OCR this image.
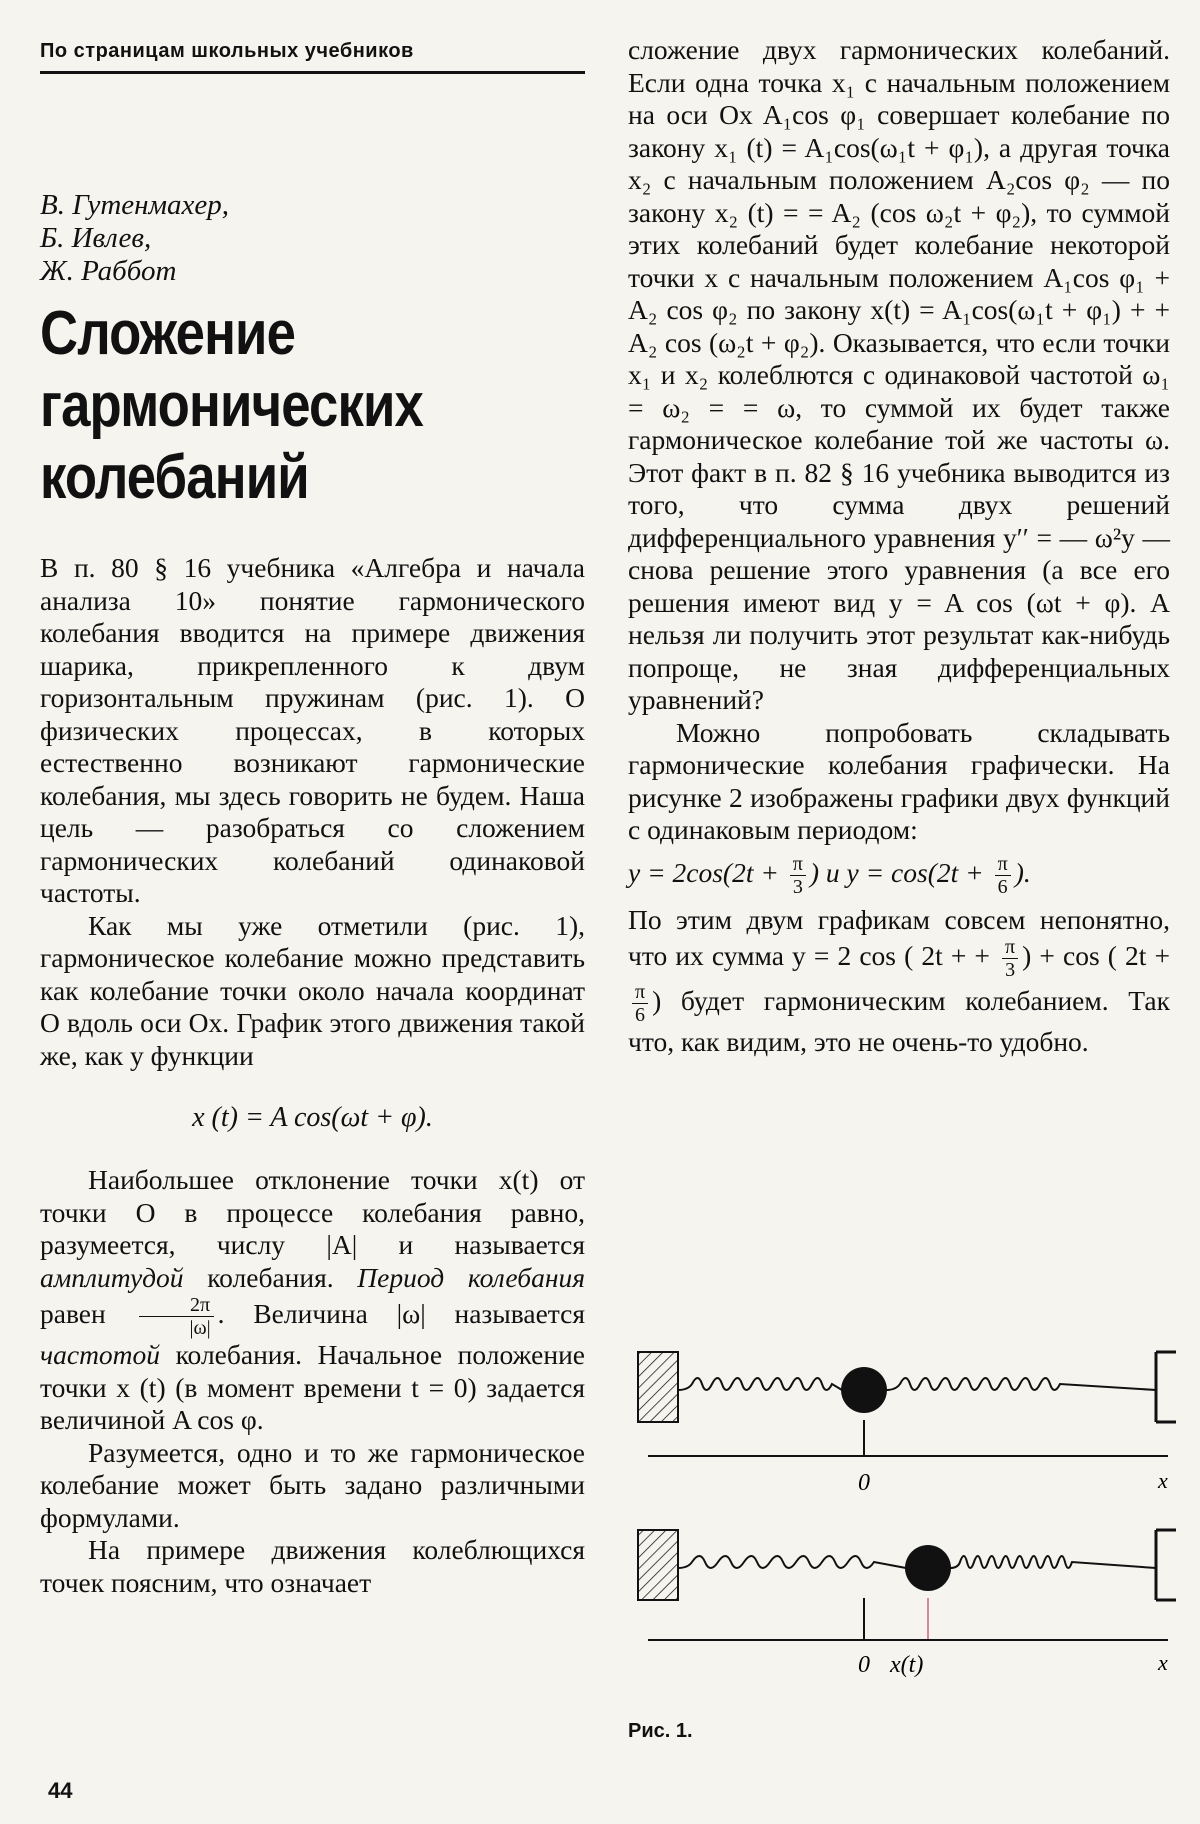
По страницам школьных учебников
В. Гутенмахер,
Б. Ивлев,
Ж. Раббот
Сложение
гармонических
колебаний

В п. 80 § 16 учебника «Алгебра и начала анализа 10» понятие гармонического колебания вводится на примере движения шарика, прикрепленного к двум горизонтальным пружинам (рис. 1). О физических процессах, в которых естественно возникают гармонические колебания, мы здесь говорить не будем. Наша цель — разобраться со сложением гармонических колебаний одинаковой частоты.

Как мы уже отметили (рис. 1), гармоническое колебание можно представить как колебание точки около начала координат O вдоль оси Ox. График этого движения такой же, как у функции

x (t) = A cos(ωt + φ).

Наибольшее отклонение точки x(t) от точки O в процессе колебания равно, разумеется, числу |A| и называется амплитудой колебания. Период колебания равен $\frac{2\pi}{|\omega|}$ . Величина |ω| называется частотой колебания. Начальное положение точки x (t) (в момент времени t = 0) задается величиной A cos φ.

Разумеется, одно и то же гармоническое колебание может быть задано различными формулами.

На примере движения колеблющихся точек поясним, что означает

сложение двух гармонических колебаний. Если одна точка x₁ с начальным положением на оси Ox A₁cos φ₁ совершает колебание по закону x₁ (t) = A₁cos(ω₁t + φ₁), а другая точка x₂ с начальным положением A₂cos φ₂ — по закону x₂ (t) = = A₂ (cos ω₂t + φ₂), то суммой этих колебаний будет колебание некоторой точки x с начальным положением A₁cos φ₁ + A₂ cos φ₂ по закону x(t) = A₁cos(ω₁t + φ₁) + + A₂ cos (ω₂t + φ₂). Оказывается, что если точки x₁ и x₂ колеблются с одинаковой частотой ω₁ = ω₂ = = ω, то суммой их будет также гармоническое колебание той же частоты ω. Этот факт в п. 82 § 16 учебника выводится из того, что сумма двух решений дифференциального уравнения y′′ = — ω²y — снова решение этого уравнения (а все его решения имеют вид y = A cos (ωt + φ). А нельзя ли получить этот результат как-нибудь попроще, не зная дифференциальных уравнений?

Можно попробовать складывать гармонические колебания графически. На рисунке 2 изображены графики двух функций с одинаковым периодом:

$y = 2\cos(2t + \frac{\pi}{3}$ ) и $y = \cos(2t + \frac{\pi}{6}$ ).

По этим двум графикам совсем непонятно, что их сумма y = 2 cos ( 2t + + $\frac{\pi}{3}$ ) + cos ( 2t +
$\frac{\pi}{6}$ ) будет гармоническим колебанием. Так что, как видим, это не очень-то удобно.

0	x
0 x(t)	x
Рис. 1.
44
